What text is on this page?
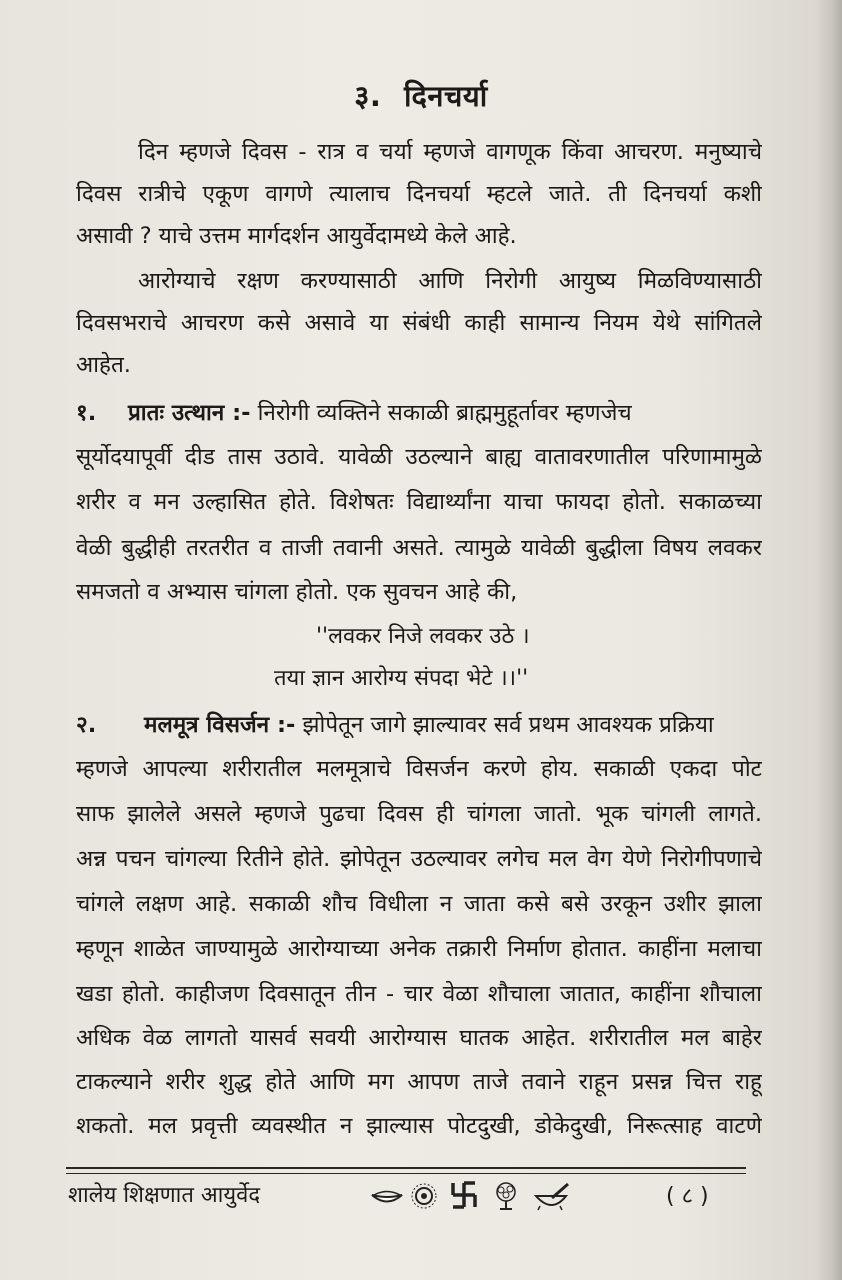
३. दिनचर्या
दिन म्हणजे दिवस - रात्र व चर्या म्हणजे वागणूक किंवा आचरण. मनुष्याचे
दिवस रात्रीचे एकूण वागणे त्यालाच दिनचर्या म्हटले जाते. ती दिनचर्या कशी
असावी ? याचे उत्तम मार्गदर्शन आयुर्वेदामध्ये केले आहे.
आरोग्याचे रक्षण करण्यासाठी आणि निरोगी आयुष्य मिळविण्यासाठी
दिवसभराचे आचरण कसे असावे या संबंधी काही सामान्य नियम येथे सांगितले
आहेत.
१. प्रातः उत्थान :- निरोगी व्यक्तिने सकाळी ब्राह्ममुहूर्तावर म्हणजेच
सूर्योदयापूर्वी दीड तास उठावे. यावेळी उठल्याने बाह्य वातावरणातील परिणामामुळे
शरीर व मन उल्हासित होते. विशेषतः विद्यार्थ्यांना याचा फायदा होतो. सकाळच्या
वेळी बुद्धीही तरतरीत व ताजी तवानी असते. त्यामुळे यावेळी बुद्धीला विषय लवकर
समजतो व अभ्यास चांगला होतो. एक सुवचन आहे की,
''लवकर निजे लवकर उठे ।
तया ज्ञान आरोग्य संपदा भेटे ।।''
२. मलमूत्र विसर्जन :- झोपेतून जागे झाल्यावर सर्व प्रथम आवश्यक प्रक्रिया
म्हणजे आपल्या शरीरातील मलमूत्राचे विसर्जन करणे होय. सकाळी एकदा पोट
साफ झालेले असले म्हणजे पुढचा दिवस ही चांगला जातो. भूक चांगली लागते.
अन्न पचन चांगल्या रितीने होते. झोपेतून उठल्यावर लगेच मल वेग येणे निरोगीपणाचे
चांगले लक्षण आहे. सकाळी शौच विधीला न जाता कसे बसे उरकून उशीर झाला
म्हणून शाळेत जाण्यामुळे आरोग्याच्या अनेक तक्रारी निर्माण होतात. काहींना मलाचा
खडा होतो. काहीजण दिवसातून तीन - चार वेळा शौचाला जातात, काहींना शौचाला
अधिक वेळ लागतो यासर्व सवयी आरोग्यास घातक आहेत. शरीरातील मल बाहेर
टाकल्याने शरीर शुद्ध होते आणि मग आपण ताजे तवाने राहून प्रसन्न चित्त राहू
शकतो. मल प्रवृत्ती व्यवस्थीत न झाल्यास पोटदुखी, डोकेदुखी, निरूत्साह वाटणे
शालेय शिक्षणात आयुर्वेद	( ८ )
